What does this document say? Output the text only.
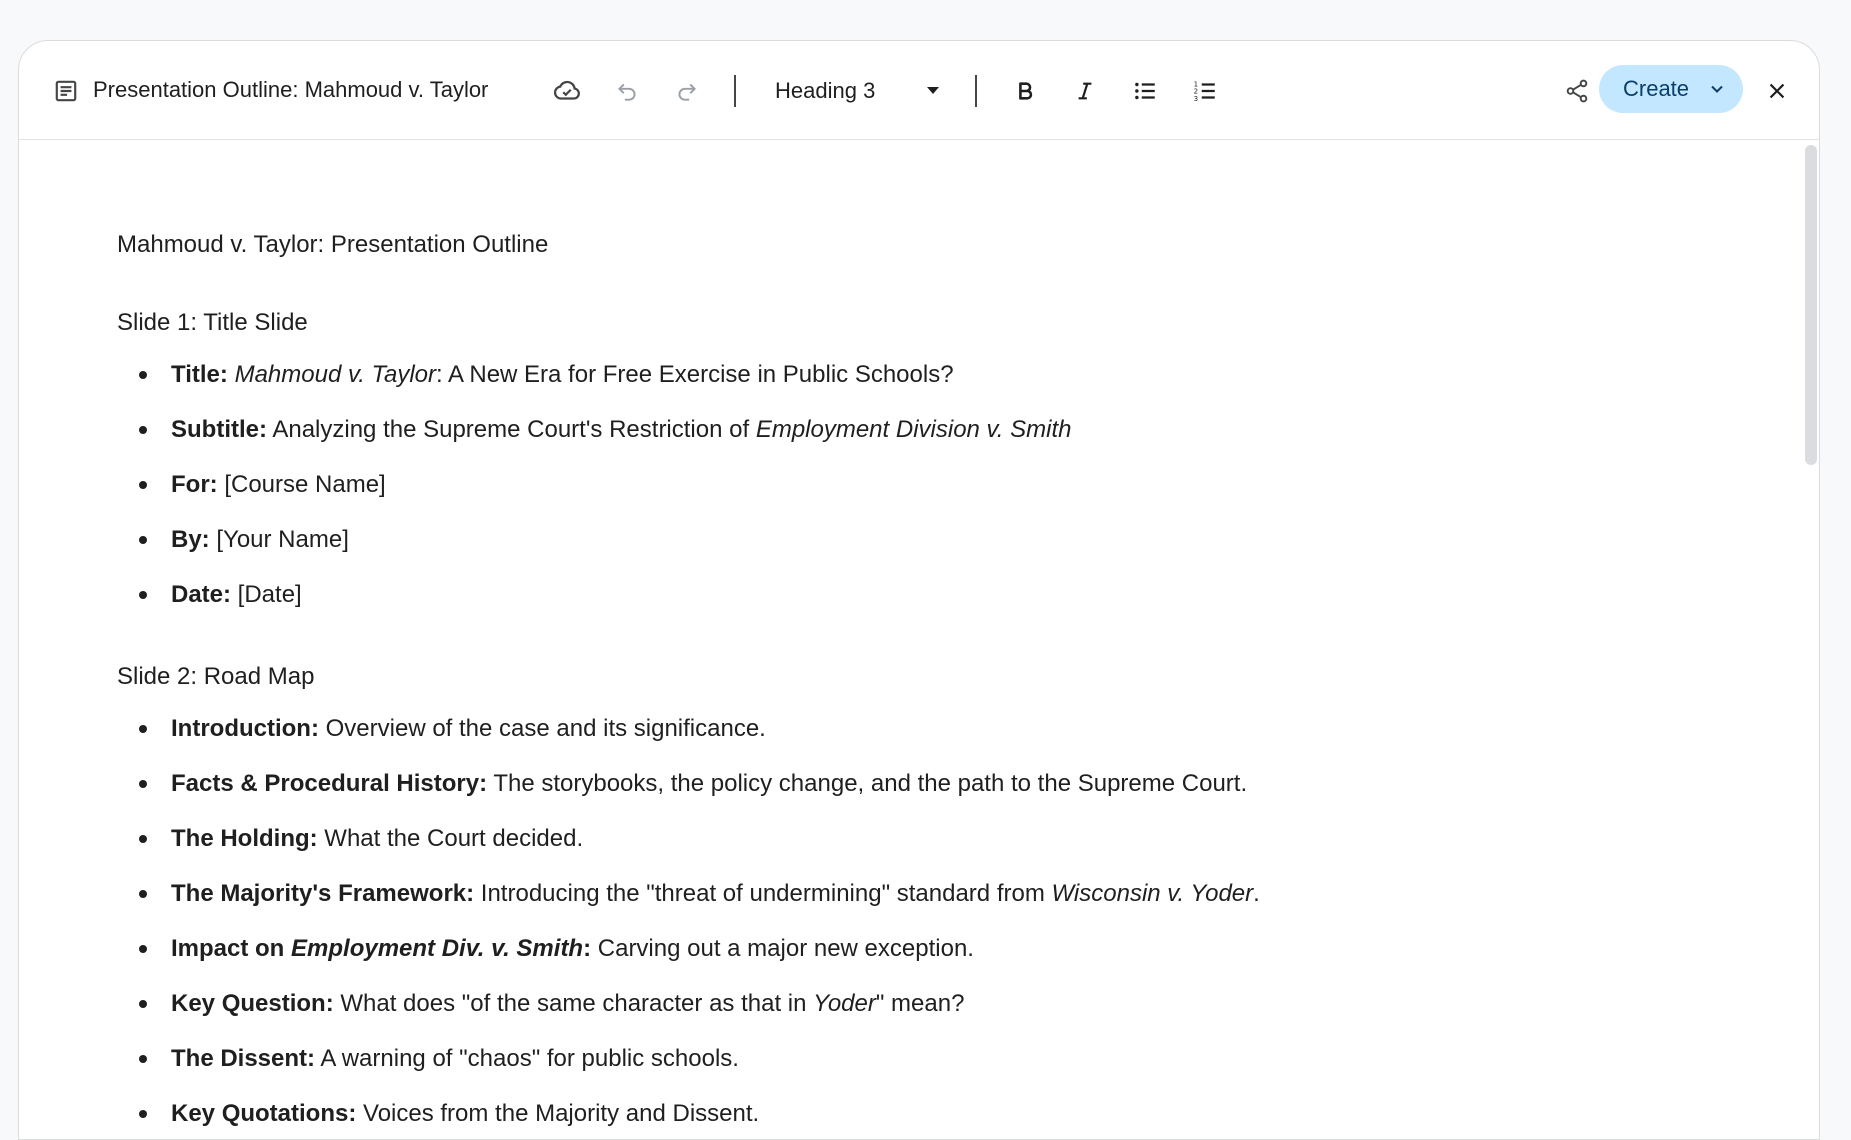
Presentation Outline: Mahmoud v. Taylor	Heading 3	1
2
3	Create
Mahmoud v. Taylor: Presentation Outline
Slide 1: Title Slide
Title: Mahmoud v. Taylor: A New Era for Free Exercise in Public Schools?
Subtitle: Analyzing the Supreme Court's Restriction of Employment Division v. Smith
For: [Course Name]
By: [Your Name]
Date: [Date]
Slide 2: Road Map
Introduction: Overview of the case and its significance.
Facts & Procedural History: The storybooks, the policy change, and the path to the Supreme Court.
The Holding: What the Court decided.
The Majority's Framework: Introducing the "threat of undermining" standard from Wisconsin v. Yoder.
Impact on Employment Div. v. Smith: Carving out a major new exception.
Key Question: What does "of the same character as that in Yoder" mean?
The Dissent: A warning of "chaos" for public schools.
Key Quotations: Voices from the Majority and Dissent.
